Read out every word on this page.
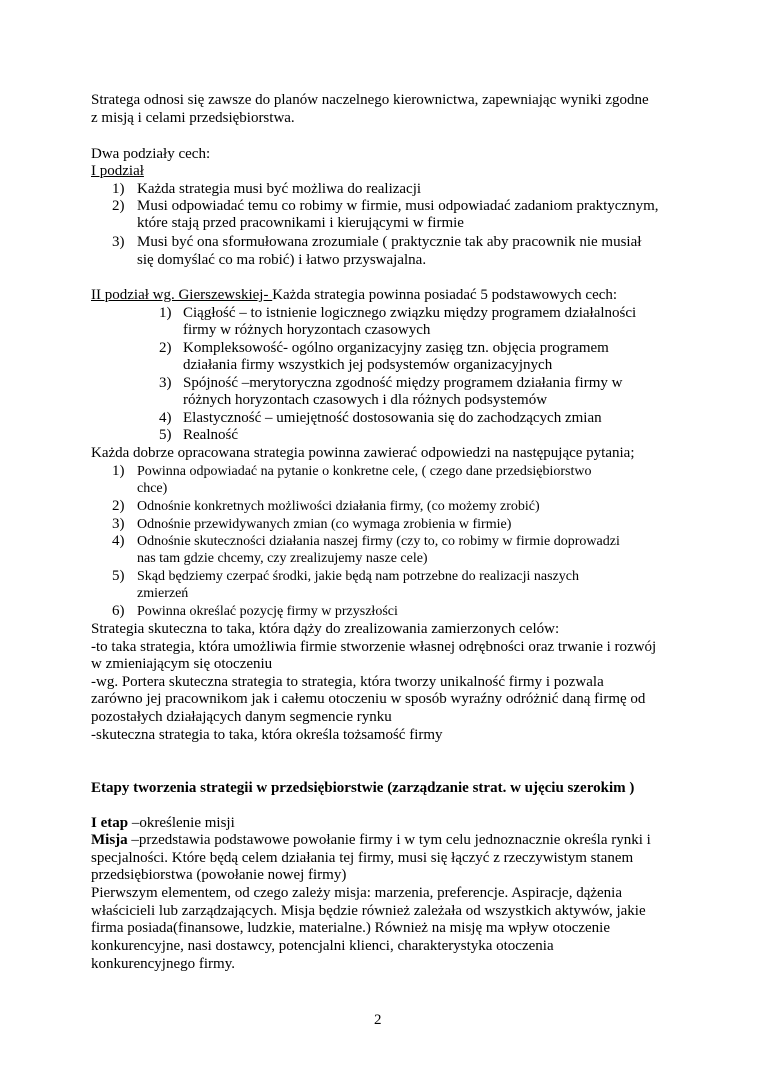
Stratega odnosi się zawsze do planów naczelnego kierownictwa, zapewniając wyniki zgodne
z misją i celami przedsiębiorstwa.
Dwa podziały cech:
I podział
1) Każda strategia musi być możliwa do realizacji
2) Musi odpowiadać temu co robimy w firmie, musi odpowiadać zadaniom praktycznym,
które stają przed pracownikami i kierującymi w firmie
3) Musi być ona sformułowana zrozumiale ( praktycznie tak aby pracownik nie musiał
się domyślać co ma robić) i łatwo przyswajalna.
II podział wg. Gierszewskiej- Każda strategia powinna posiadać 5 podstawowych cech:
1) Ciągłość – to istnienie logicznego związku między programem działalności
firmy w różnych horyzontach czasowych
2) Kompleksowość- ogólno organizacyjny zasięg tzn. objęcia programem
działania firmy wszystkich jej podsystemów organizacyjnych
3) Spójność –merytoryczna zgodność między programem działania firmy w
różnych horyzontach czasowych i dla różnych podsystemów
4) Elastyczność – umiejętność dostosowania się do zachodzących zmian
5) Realność
Każda dobrze opracowana strategia powinna zawierać odpowiedzi na następujące pytania;
1) Powinna odpowiadać na pytanie o konkretne cele, ( czego dane przedsiębiorstwo
chce)
2) Odnośnie konkretnych możliwości działania firmy, (co możemy zrobić)
3) Odnośnie przewidywanych zmian (co wymaga zrobienia w firmie)
4) Odnośnie skuteczności działania naszej firmy (czy to, co robimy w firmie doprowadzi
nas tam gdzie chcemy, czy zrealizujemy nasze cele)
5) Skąd będziemy czerpać środki, jakie będą nam potrzebne do realizacji naszych
zmierzeń
6) Powinna określać pozycję firmy w przyszłości
Strategia skuteczna to taka, która dąży do zrealizowania zamierzonych celów:
-to taka strategia, która umożliwia firmie stworzenie własnej odrębności oraz trwanie i rozwój
w zmieniającym się otoczeniu
-wg. Portera skuteczna strategia to strategia, która tworzy unikalność firmy i pozwala
zarówno jej pracownikom jak i całemu otoczeniu w sposób wyraźny odróżnić daną firmę od
pozostałych działających danym segmencie rynku
-skuteczna strategia to taka, która określa tożsamość firmy
Etapy tworzenia strategii w przedsiębiorstwie (zarządzanie strat. w ujęciu szerokim )
I etap –określenie misji
Misja –przedstawia podstawowe powołanie firmy i w tym celu jednoznacznie określa rynki i
specjalności. Które będą celem działania tej firmy, musi się łączyć z rzeczywistym stanem
przedsiębiorstwa (powołanie nowej firmy)
Pierwszym elementem, od czego zależy misja: marzenia, preferencje. Aspiracje, dążenia
właścicieli lub zarządzających. Misja będzie również zależała od wszystkich aktywów, jakie
firma posiada(finansowe, ludzkie, materialne.) Również na misję ma wpływ otoczenie
konkurencyjne, nasi dostawcy, potencjalni klienci, charakterystyka otoczenia
konkurencyjnego firmy.
2
